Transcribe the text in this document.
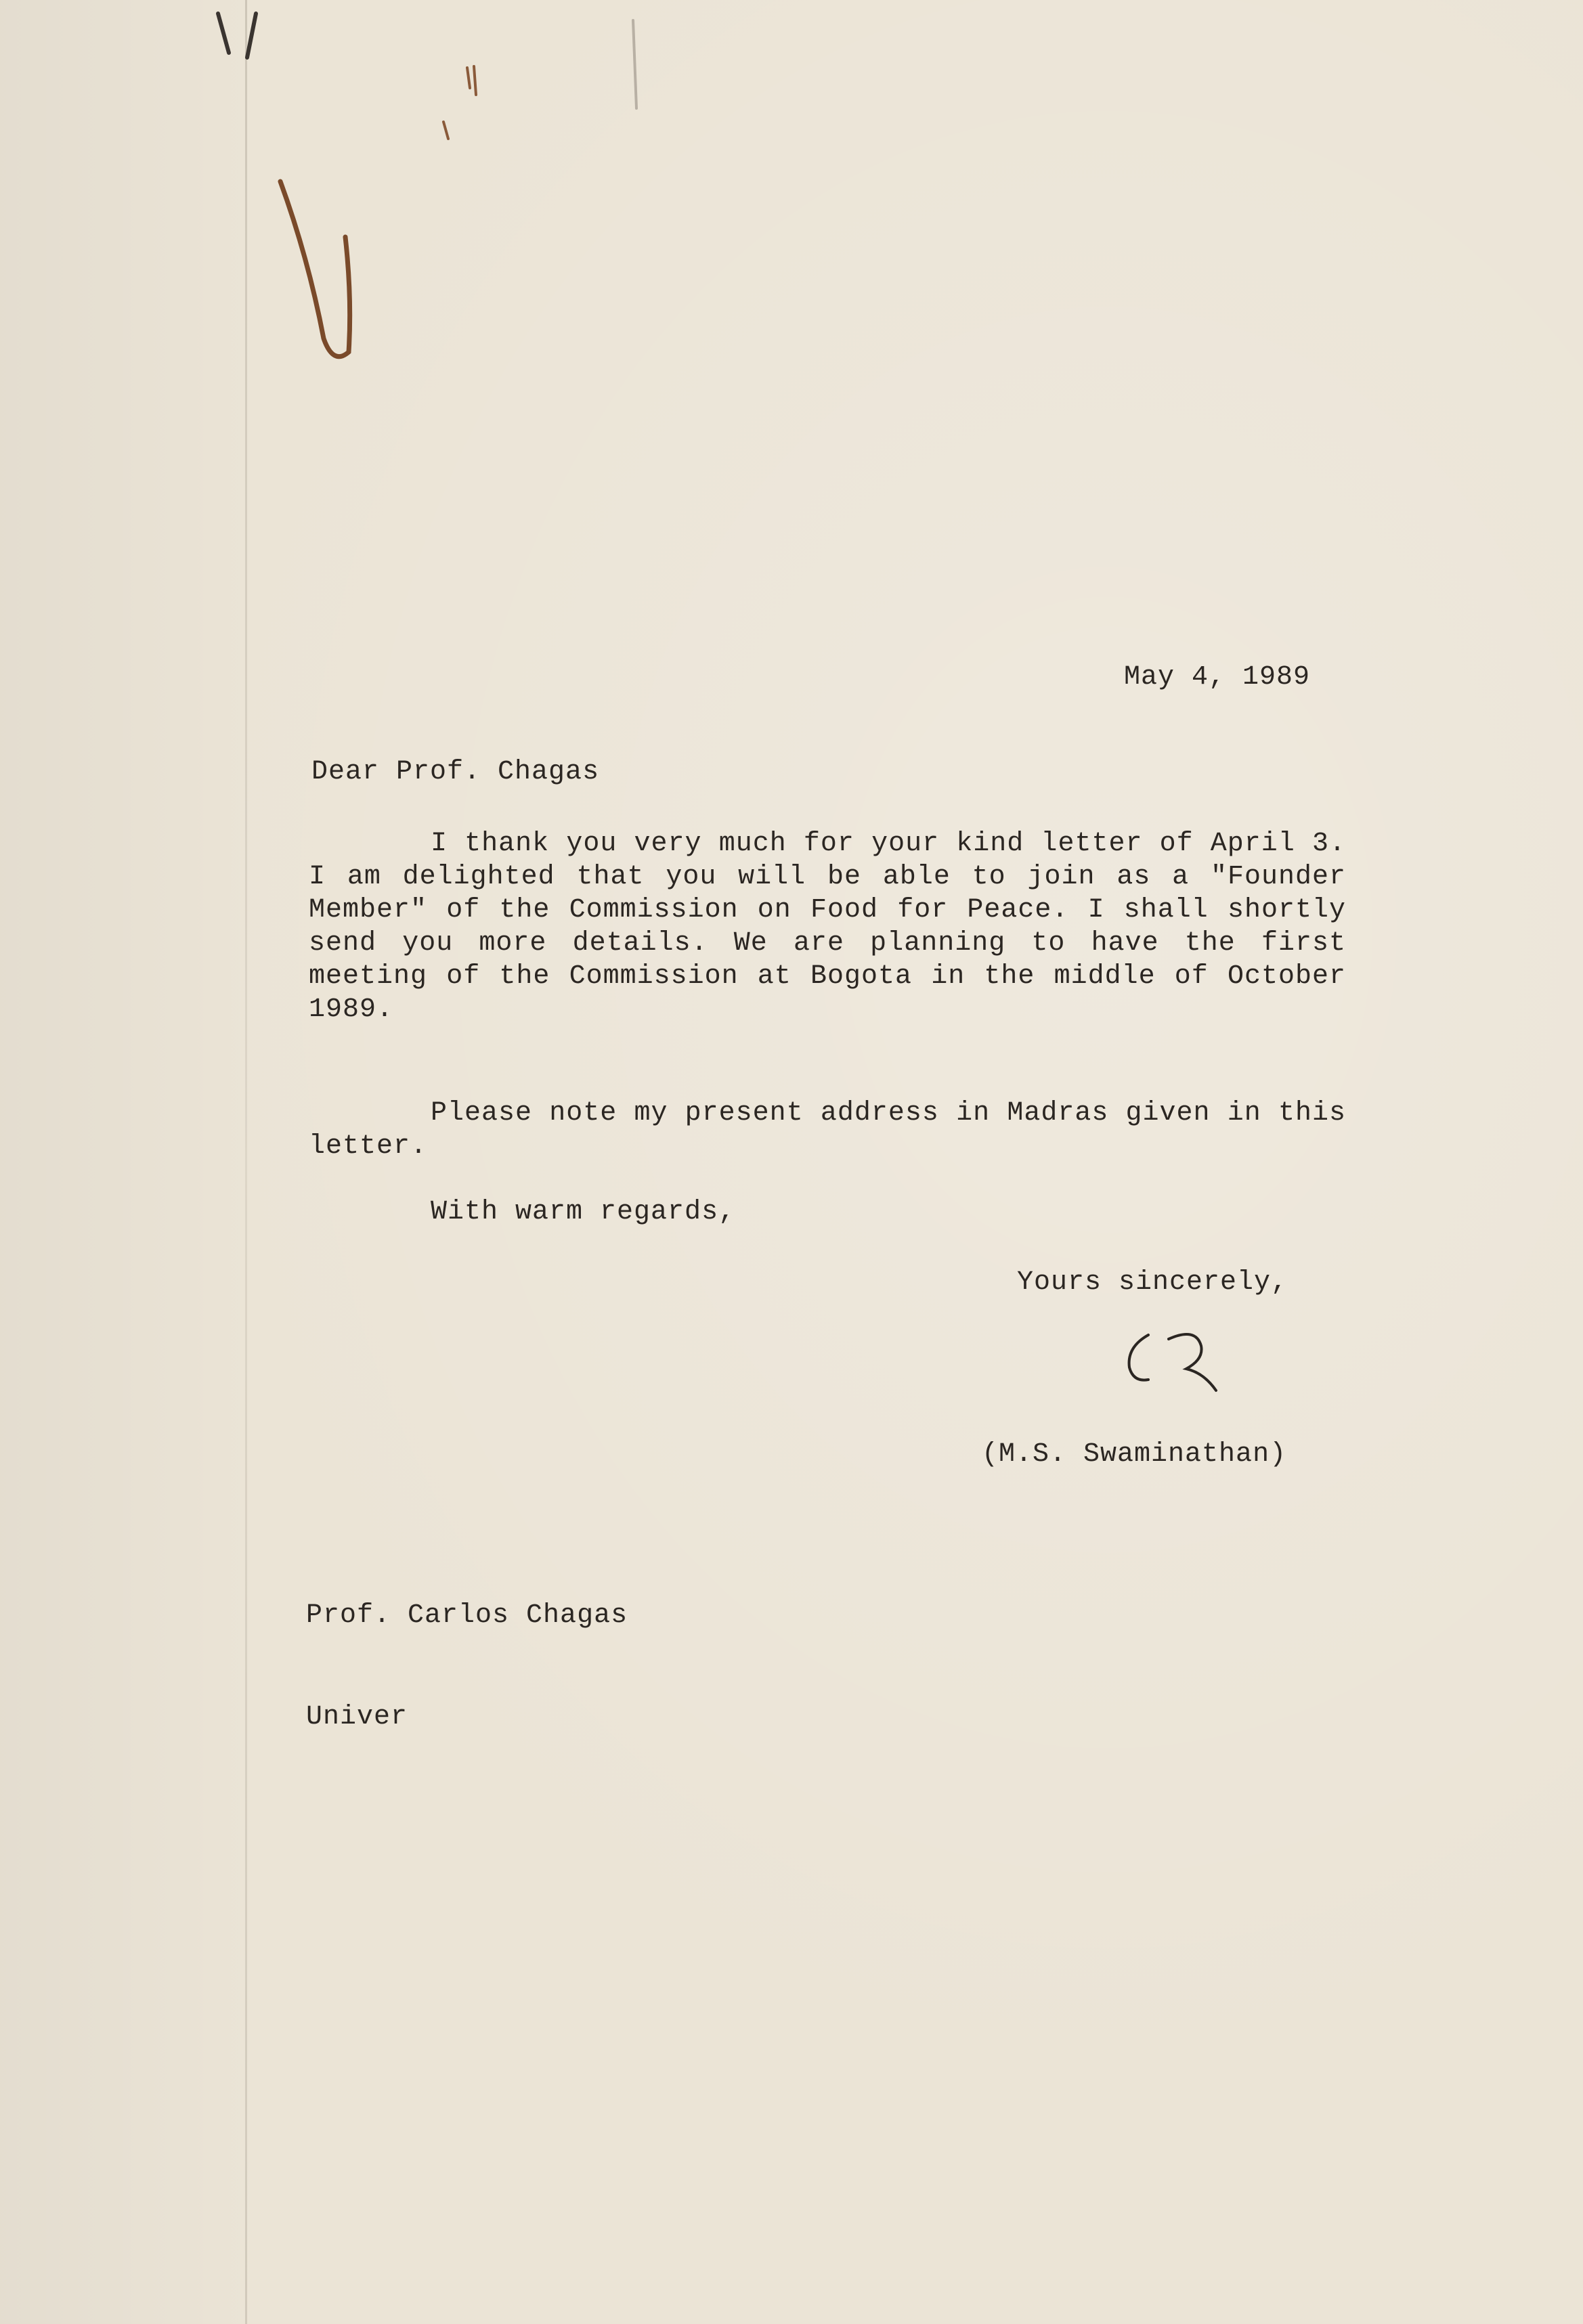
May 4, 1989
Dear Prof. Chagas
I thank you very much for your kind letter of April 3. I am delighted that you will be able to join as a "Founder Member" of the Commission on Food for Peace. I shall shortly send you more details. We are planning to have the first meeting of the Commission at Bogota in the middle of October 1989.
Please note my present address in Madras given in this letter.
With warm regards,
Yours sincerely,
(M.S. Swaminathan)

Prof. Carlos Chagas

Univer
